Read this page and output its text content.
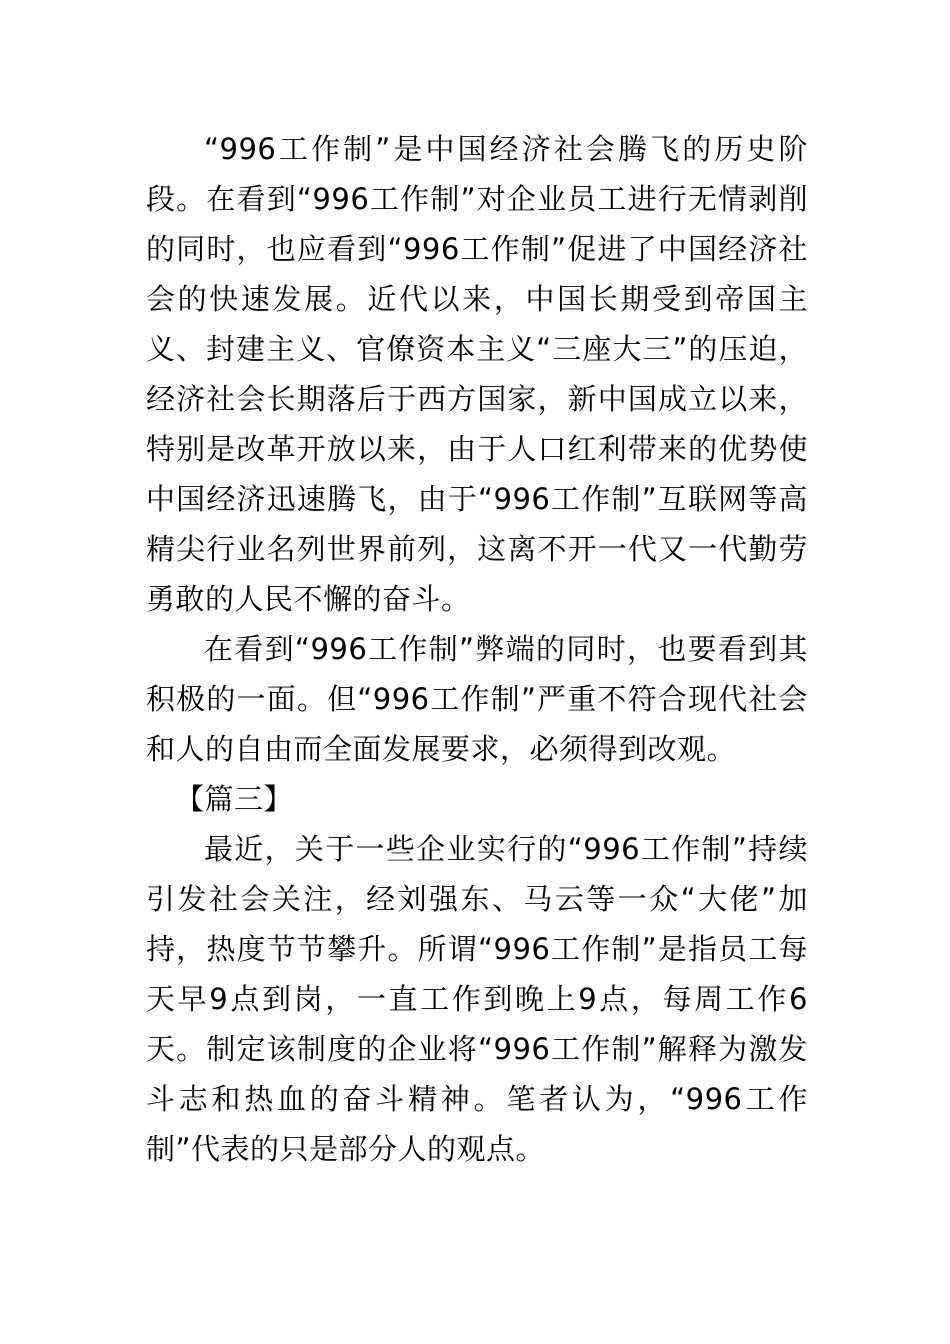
“996工作制”是中国经济社会腾飞的历史阶段。在看到“996工作制”对企业员工进行无情剥削的同时，也应看到“996工作制”促进了中国经济社会的快速发展。近代以来，中国长期受到帝国主义、封建主义、官僚资本主义“三座大三”的压迫，经济社会长期落后于西方国家，新中国成立以来，特别是改革开放以来，由于人口红利带来的优势使中国经济迅速腾飞，由于“996工作制”互联网等高精尖行业名列世界前列，这离不开一代又一代勤劳勇敢的人民不懈的奋斗。

在看到“996工作制”弊端的同时，也要看到其积极的一面。但“996工作制”严重不符合现代社会和人的自由而全面发展要求，必须得到改观。

【篇三】

最近，关于一些企业实行的“996工作制”持续引发社会关注，经刘强东、马云等一众“大佬”加持，热度节节攀升。所谓“996工作制”是指员工每天早9点到岗，一直工作到晚上9点，每周工作6天。制定该制度的企业将“996工作制”解释为激发斗志和热血的奋斗精神。笔者认为，“996工作制”代表的只是部分人的观点。
